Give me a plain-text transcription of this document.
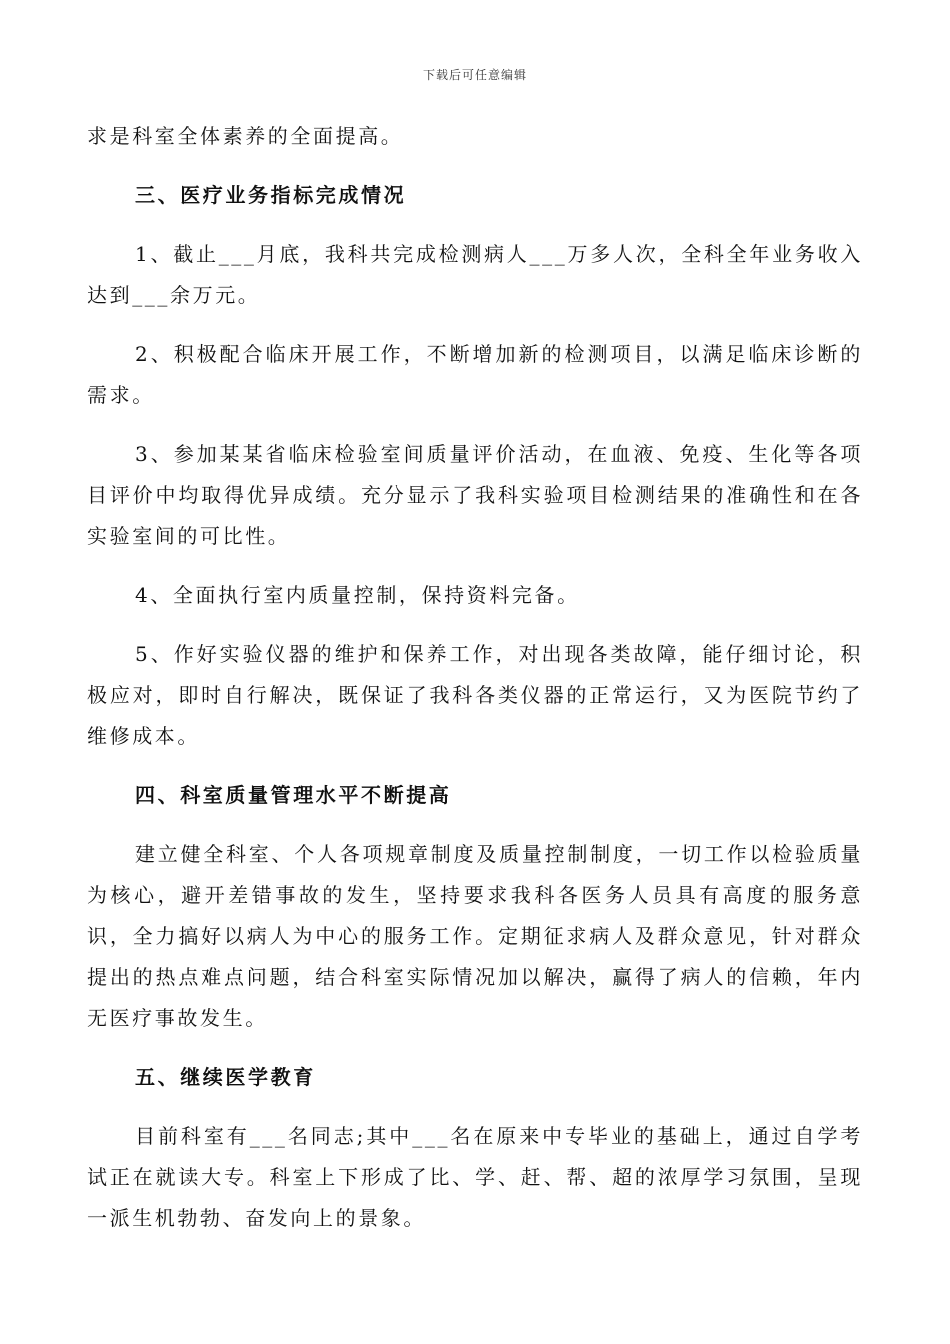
下载后可任意编辑

求是科室全体素养的全面提高。

三、医疗业务指标完成情况

1、截止___月底，我科共完成检测病人___万多人次，全科全年业务收入达到___余万元。

2、积极配合临床开展工作，不断增加新的检测项目，以满足临床诊断的需求。

3、参加某某省临床检验室间质量评价活动，在血液、免疫、生化等各项目评价中均取得优异成绩。充分显示了我科实验项目检测结果的准确性和在各实验室间的可比性。

4、全面执行室内质量控制，保持资料完备。

5、作好实验仪器的维护和保养工作，对出现各类故障，能仔细讨论，积极应对，即时自行解决，既保证了我科各类仪器的正常运行，又为医院节约了维修成本。

四、科室质量管理水平不断提高

建立健全科室、个人各项规章制度及质量控制制度，一切工作以检验质量为核心，避开差错事故的发生，坚持要求我科各医务人员具有高度的服务意识，全力搞好以病人为中心的服务工作。定期征求病人及群众意见，针对群众提出的热点难点问题，结合科室实际情况加以解决，赢得了病人的信赖，年内无医疗事故发生。

五、继续医学教育

目前科室有___名同志;其中___名在原来中专毕业的基础上，通过自学考试正在就读大专。科室上下形成了比、学、赶、帮、超的浓厚学习氛围，呈现一派生机勃勃、奋发向上的景象。
